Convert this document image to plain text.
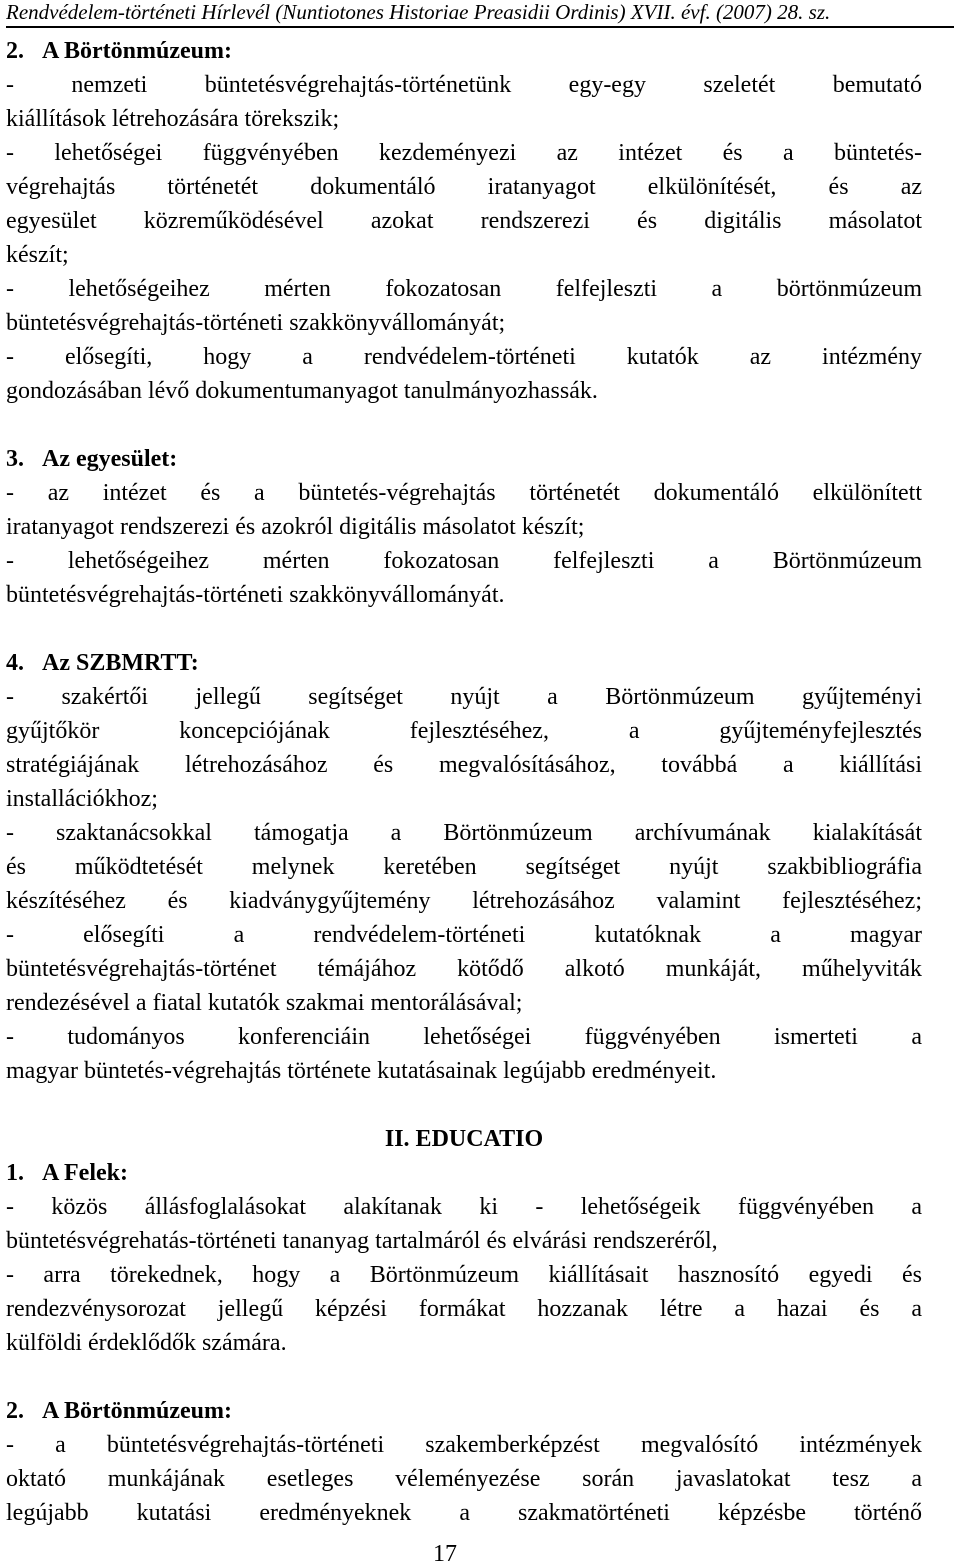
Rendvédelem-történeti Hírlevél (Nuntiotones Historiae Preasidii Ordinis) XVII. évf. (2007) 28. sz.
2. A Börtönmúzeum:
- nemzeti büntetésvégrehajtás-történetünk egy-egy szeletét bemutató
kiállítások létrehozására törekszik;
- lehetőségei függvényében kezdeményezi az intézet és a büntetés-
végrehajtás történetét dokumentáló iratanyagot elkülönítését, és az
egyesület közreműködésével azokat rendszerezi és digitális másolatot
készít;
- lehetőségeihez mérten fokozatosan felfejleszti a börtönmúzeum
büntetésvégrehajtás-történeti szakkönyvállományát;
- elősegíti, hogy a rendvédelem-történeti kutatók az intézmény
gondozásában lévő dokumentumanyagot tanulmányozhassák.
3. Az egyesület:
- az intézet és a büntetés-végrehajtás történetét dokumentáló elkülönített
iratanyagot rendszerezi és azokról digitális másolatot készít;
- lehetőségeihez mérten fokozatosan felfejleszti a Börtönmúzeum
büntetésvégrehajtás-történeti szakkönyvállományát.
4. Az SZBMRTT:
- szakértői jellegű segítséget nyújt a Börtönmúzeum gyűjteményi
gyűjtőkör koncepciójának fejlesztéséhez, a gyűjteményfejlesztés
stratégiájának létrehozásához és megvalósításához, továbbá a kiállítási
installációkhoz;
- szaktanácsokkal támogatja a Börtönmúzeum archívumának kialakítását
és működtetését melynek keretében segítséget nyújt szakbibliográfia
készítéséhez és kiadványgyűjtemény létrehozásához valamint fejlesztéséhez;
- elősegíti a rendvédelem-történeti kutatóknak a magyar
büntetésvégrehajtás-történet témájához kötődő alkotó munkáját, műhelyviták
rendezésével a fiatal kutatók szakmai mentorálásával;
- tudományos konferenciáin lehetőségei függvényében ismerteti a
magyar büntetés-végrehajtás története kutatásainak legújabb eredményeit.
II. EDUCATIO
1. A Felek:
- közös állásfoglalásokat alakítanak ki - lehetőségeik függvényében a
büntetésvégrehatás-történeti tananyag tartalmáról és elvárási rendszeréről,
- arra törekednek, hogy a Börtönmúzeum kiállításait hasznosító egyedi és
rendezvénysorozat jellegű képzési formákat hozzanak létre a hazai és a
külföldi érdeklődők számára.
2. A Börtönmúzeum:
- a büntetésvégrehajtás-történeti szakemberképzést megvalósító intézmények
oktató munkájának esetleges véleményezése során javaslatokat tesz a
legújabb kutatási eredményeknek a szakmatörténeti képzésbe történő
17
